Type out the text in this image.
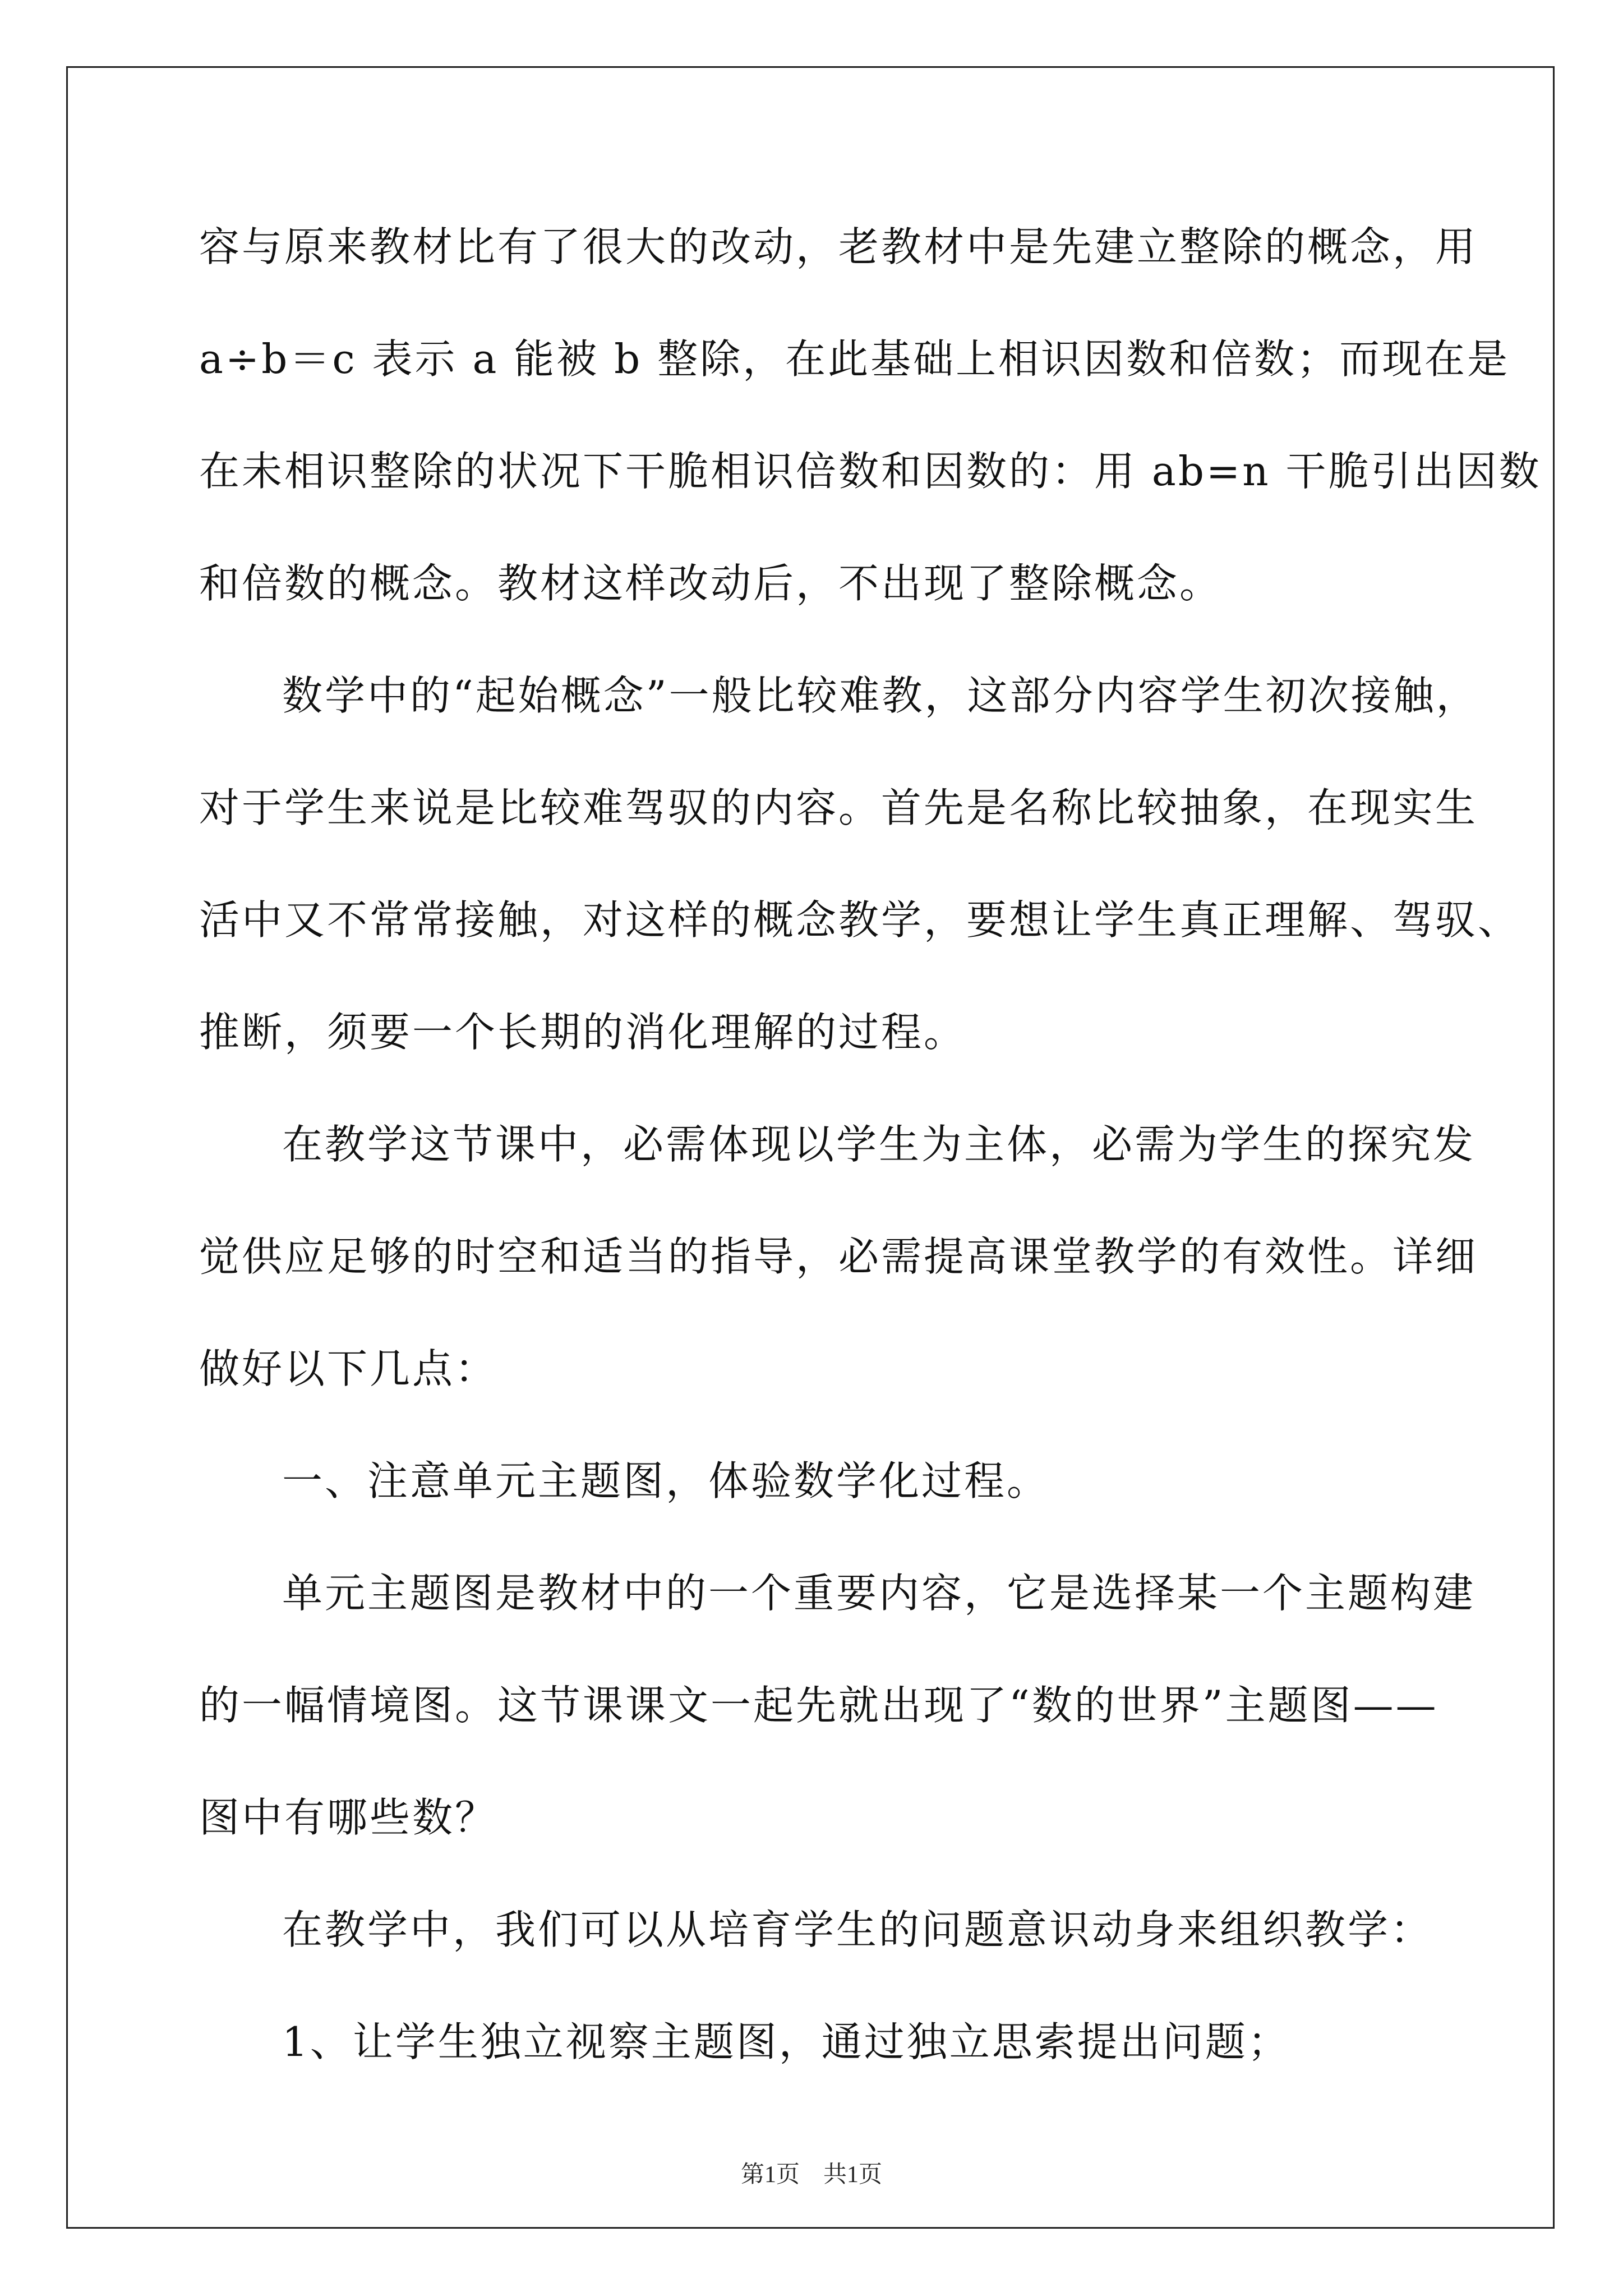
容与原来教材比有了很大的改动，老教材中是先建立整除的概念，用
a÷b＝c 表示 a 能被 b 整除，在此基础上相识因数和倍数；而现在是
在未相识整除的状况下干脆相识倍数和因数的：用 ab=n 干脆引出因数
和倍数的概念。教材这样改动后，不出现了整除概念。
数学中的“起始概念”一般比较难教，这部分内容学生初次接触，
对于学生来说是比较难驾驭的内容。首先是名称比较抽象，在现实生
活中又不常常接触，对这样的概念教学，要想让学生真正理解、驾驭、
推断，须要一个长期的消化理解的过程。
在教学这节课中，必需体现以学生为主体，必需为学生的探究发
觉供应足够的时空和适当的指导，必需提高课堂教学的有效性。详细
做好以下几点：
一、注意单元主题图，体验数学化过程。
单元主题图是教材中的一个重要内容，它是选择某一个主题构建
的一幅情境图。这节课课文一起先就出现了“数的世界”主题图——
图中有哪些数？
在教学中，我们可以从培育学生的问题意识动身来组织教学：
1、让学生独立视察主题图，通过独立思索提出问题；
第1页　共1页
